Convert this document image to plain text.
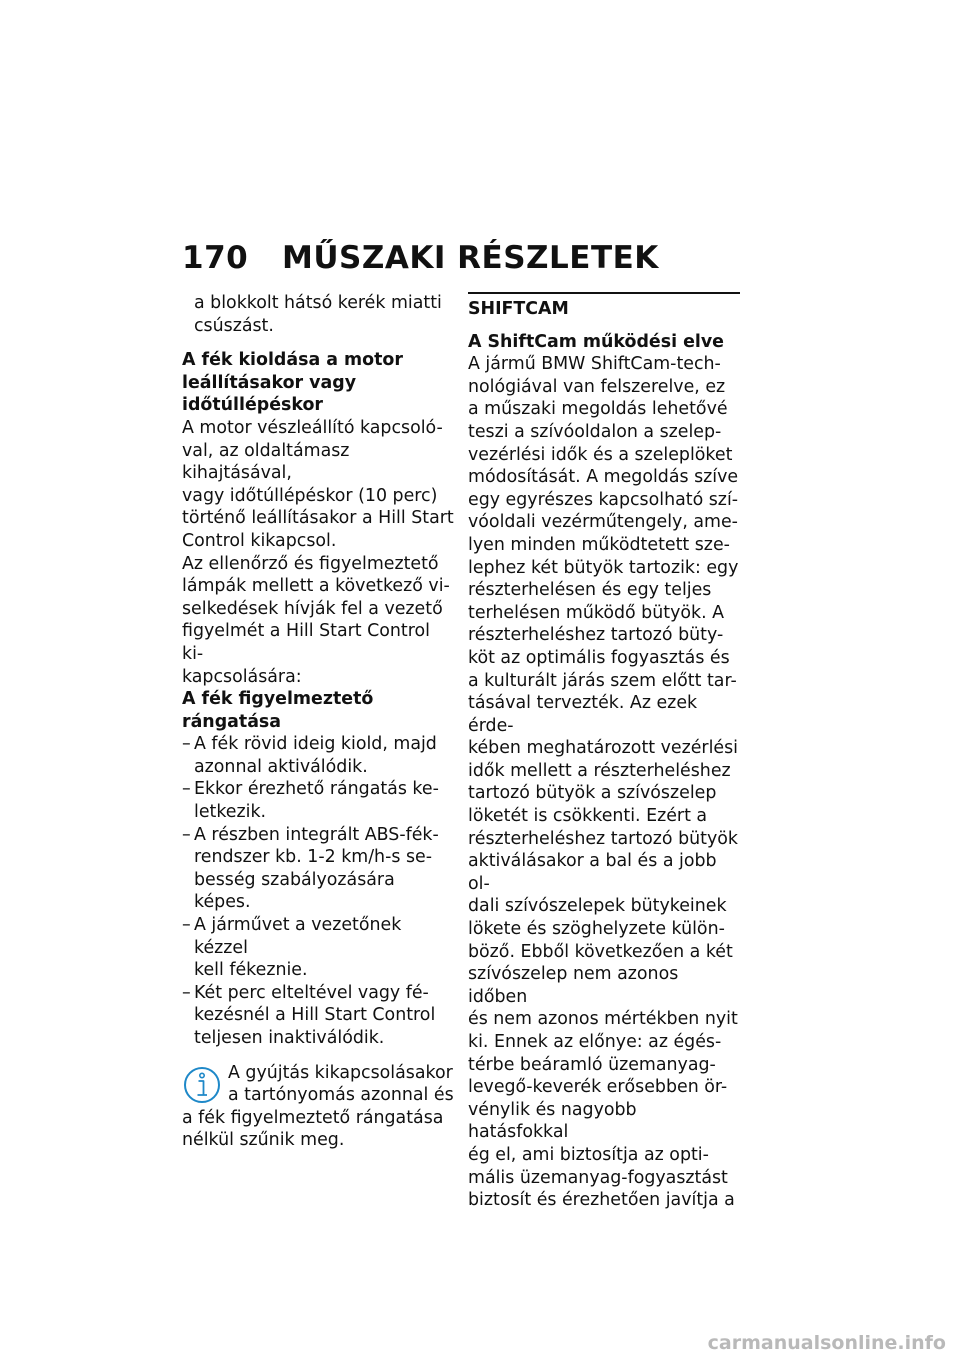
170 MŰSZAKI RÉSZLETEK
a blokkolt hátsó kerék miatti
csúszást.
A fék kioldása a motor
leállításakor vagy
időtúllépéskor
A motor vészleállító kapcsoló-
val, az oldaltámasz kihajtásával,
vagy időtúllépéskor (10 perc)
történő leállításakor a Hill Start
Control kikapcsol.
Az ellenőrző és figyelmeztető
lámpák mellett a következő vi-
selkedések hívják fel a vezető
figyelmét a Hill Start Control ki-
kapcsolására:
A fék figyelmeztető rángatása
– A fék rövid ideig kiold, majd
azonnal aktiválódik.
– Ekkor érezhető rángatás ke-
letkezik.
– A részben integrált ABS-fék-
rendszer kb. 1-2 km/h-s se-
besség szabályozására képes.
– A járművet a vezetőnek kézzel
kell fékeznie.
– Két perc elteltével vagy fé-
kezésnél a Hill Start Control
teljesen inaktiválódik.
A gyújtás kikapcsolásakor
a tartónyomás azonnal és
a fék figyelmeztető rángatása
nélkül szűnik meg.
SHIFTCAM
A ShiftCam működési elve
A jármű BMW ShiftCam-tech-
nológiával van felszerelve, ez
a műszaki megoldás lehetővé
teszi a szívóoldalon a szelep-
vezérlési idők és a szeleplöket
módosítását. A megoldás szíve
egy egyrészes kapcsolható szí-
vóoldali vezérműtengely, ame-
lyen minden működtetett sze-
lephez két bütyök tartozik: egy
részterhelésen és egy teljes
terhelésen működő bütyök. A
részterheléshez tartozó büty-
köt az optimális fogyasztás és
a kulturált járás szem előtt tar-
tásával tervezték. Az ezek érde-
kében meghatározott vezérlési
idők mellett a részterheléshez
tartozó bütyök a szívószelep
löketét is csökkenti. Ezért a
részterheléshez tartozó bütyök
aktiválásakor a bal és a jobb ol-
dali szívószelepek bütykeinek
lökete és szöghelyzete külön-
böző. Ebből következően a két
szívószelep nem azonos időben
és nem azonos mértékben nyit
ki. Ennek az előnye: az égés-
térbe beáramló üzemanyag-
levegő-keverék erősebben ör-
vénylik és nagyobb hatásfokkal
ég el, ami biztosítja az opti-
mális üzemanyag-fogyasztást
biztosít és érezhetően javítja a
carmanualsonline.info
